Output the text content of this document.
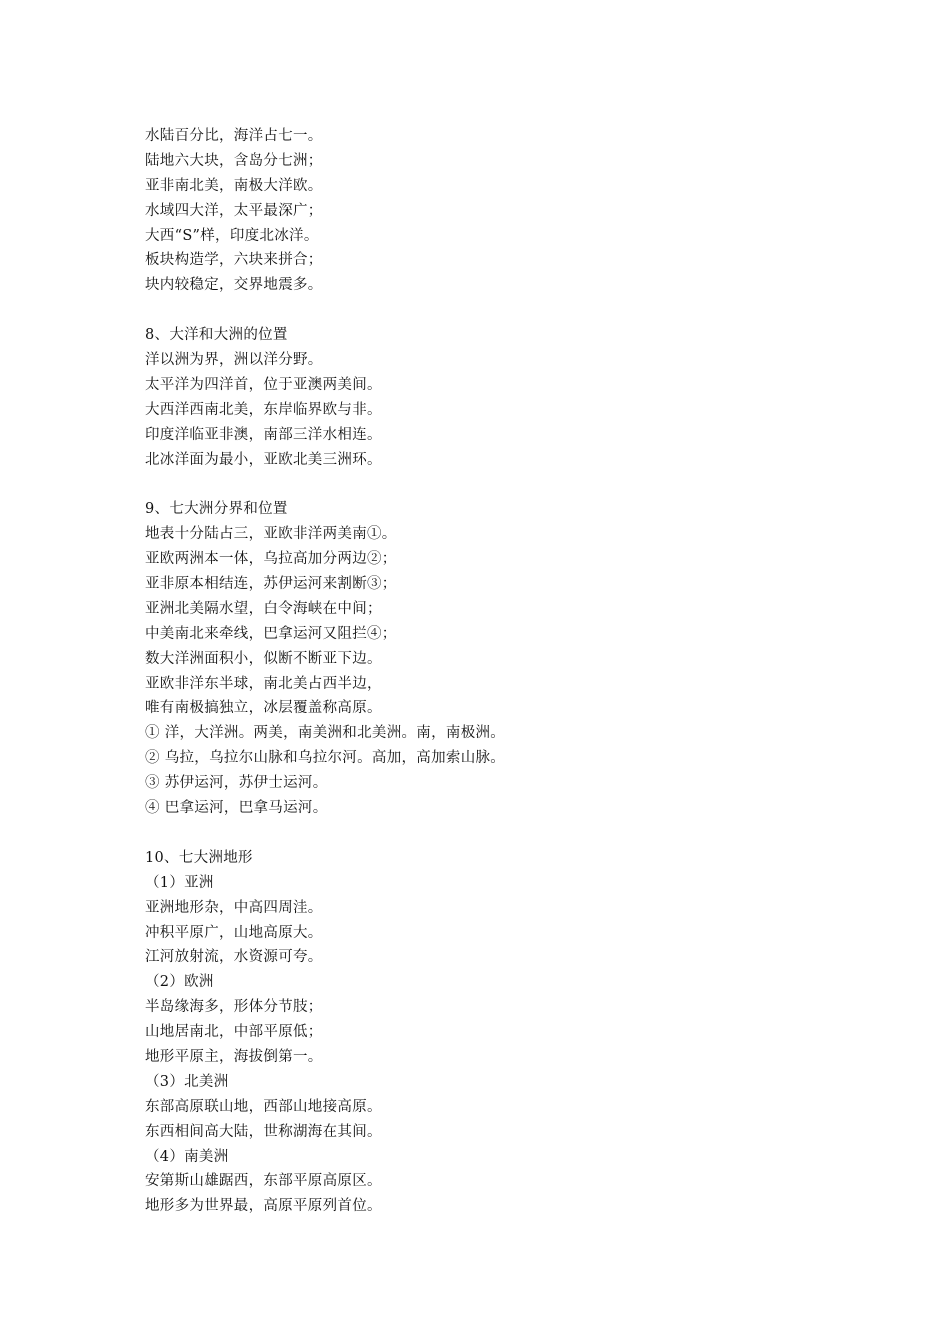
水陆百分比，海洋占七一。
陆地六大块，含岛分七洲；
亚非南北美，南极大洋欧。
水域四大洋，太平最深广；
大西“S”样，印度北冰洋。
板块构造学，六块来拼合；
块内较稳定，交界地震多。
8、大洋和大洲的位置
洋以洲为界，洲以洋分野。
太平洋为四洋首，位于亚澳两美间。
大西洋西南北美，东岸临界欧与非。
印度洋临亚非澳，南部三洋水相连。
北冰洋面为最小，亚欧北美三洲环。
9、七大洲分界和位置
地表十分陆占三，亚欧非洋两美南①。
亚欧两洲本一体，乌拉高加分两边②；
亚非原本相结连，苏伊运河来割断③；
亚洲北美隔水望，白令海峡在中间；
中美南北来牵线，巴拿运河又阻拦④；
数大洋洲面积小，似断不断亚下边。
亚欧非洋东半球，南北美占西半边，
唯有南极搞独立，冰层覆盖称高原。
① 洋，大洋洲。两美，南美洲和北美洲。南，南极洲。
② 乌拉，乌拉尔山脉和乌拉尔河。高加，高加索山脉。
③ 苏伊运河，苏伊士运河。
④ 巴拿运河，巴拿马运河。
10、七大洲地形
（1）亚洲
亚洲地形杂，中高四周洼。
冲积平原广，山地高原大。
江河放射流，水资源可夸。
（2）欧洲
半岛缘海多，形体分节肢；
山地居南北，中部平原低；
地形平原主，海拔倒第一。
（3）北美洲
东部高原联山地，西部山地接高原。
东西相间高大陆，世称湖海在其间。
（4）南美洲
安第斯山雄踞西，东部平原高原区。
地形多为世界最，高原平原列首位。
